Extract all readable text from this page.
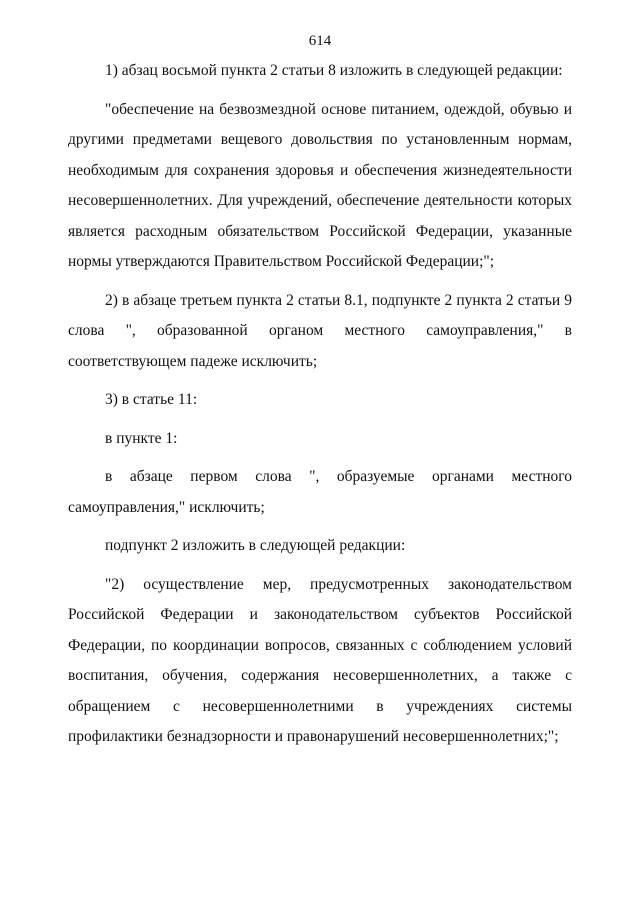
614

1) абзац восьмой пункта 2 статьи 8 изложить в следующей редакции:

"обеспечение на безвозмездной основе питанием, одеждой, обувью и другими предметами вещевого довольствия по установленным нормам, необходимым для сохранения здоровья и обеспечения жизнедеятельности несовершеннолетних. Для учреждений, обеспечение деятельности которых является расходным обязательством Российской Федерации, указанные нормы утверждаются Правительством Российской Федерации;";

2) в абзаце третьем пункта 2 статьи 8.1, подпункте 2 пункта 2 статьи 9 слова ", образованной органом местного самоуправления," в соответствующем падеже исключить;

3) в статье 11:

в пункте 1:

в абзаце первом слова ", образуемые органами местного самоуправления," исключить;

подпункт 2 изложить в следующей редакции:

"2) осуществление мер, предусмотренных законодательством Российской Федерации и законодательством субъектов Российской Федерации, по координации вопросов, связанных с соблюдением условий воспитания, обучения, содержания несовершеннолетних, а также с обращением с несовершеннолетними в учреждениях системы профилактики безнадзорности и правонарушений несовершеннолетних;";
